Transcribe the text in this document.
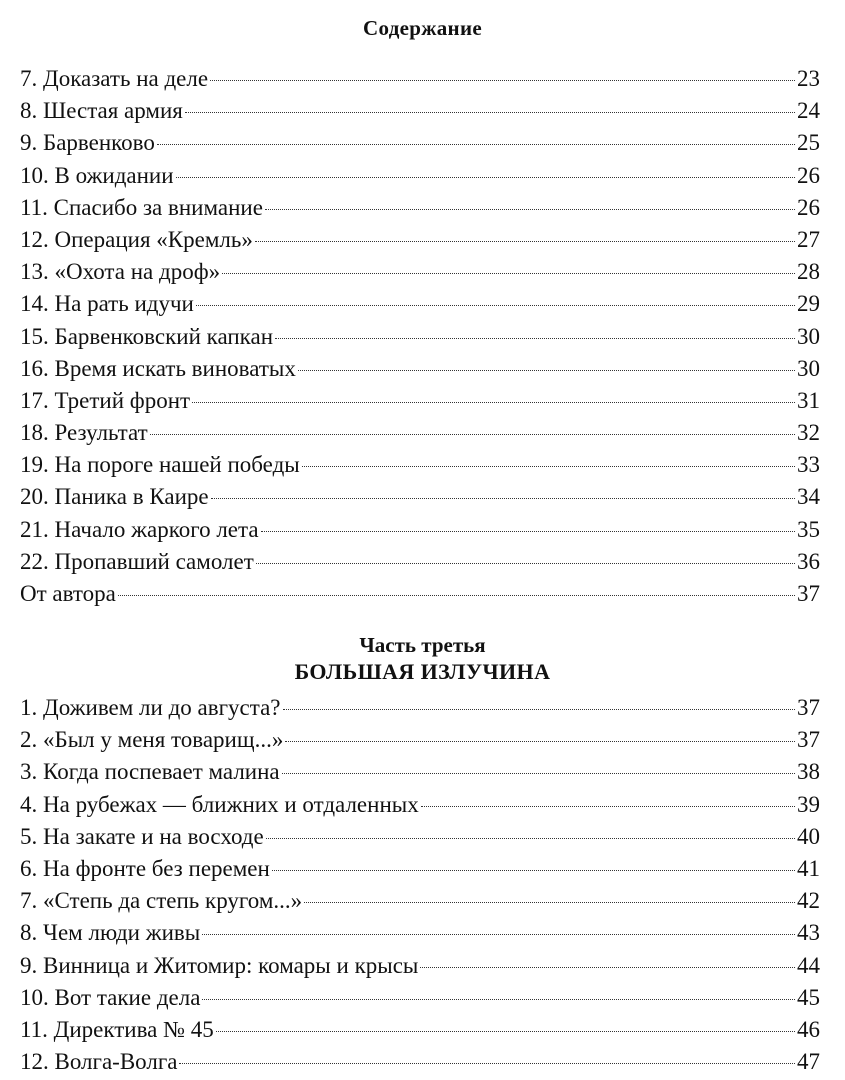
Содержание
7. Доказать на деле	23
8. Шестая армия	24
9. Барвенково	25
10. В ожидании	26
11. Спасибо за внимание	26
12. Операция «Кремль»	27
13. «Охота на дроф»	28
14. На рать идучи	29
15. Барвенковский капкан	30
16. Время искать виноватых	30
17. Третий фронт	31
18. Результат	32
19. На пороге нашей победы	33
20. Паника в Каире	34
21. Начало жаркого лета	35
22. Пропавший самолет	36
От автора	37
Часть третья
БОЛЬШАЯ ИЗЛУЧИНА
1. Доживем ли до августа?	37
2. «Был у меня товарищ...»	37
3. Когда поспевает малина	38
4. На рубежах — ближних и отдаленных	39
5. На закате и на восходе	40
6. На фронте без перемен	41
7. «Степь да степь кругом...»	42
8. Чем люди живы	43
9. Винница и Житомир: комары и крысы	44
10. Вот такие дела	45
11. Директива № 45	46
12. Волга-Волга	47
